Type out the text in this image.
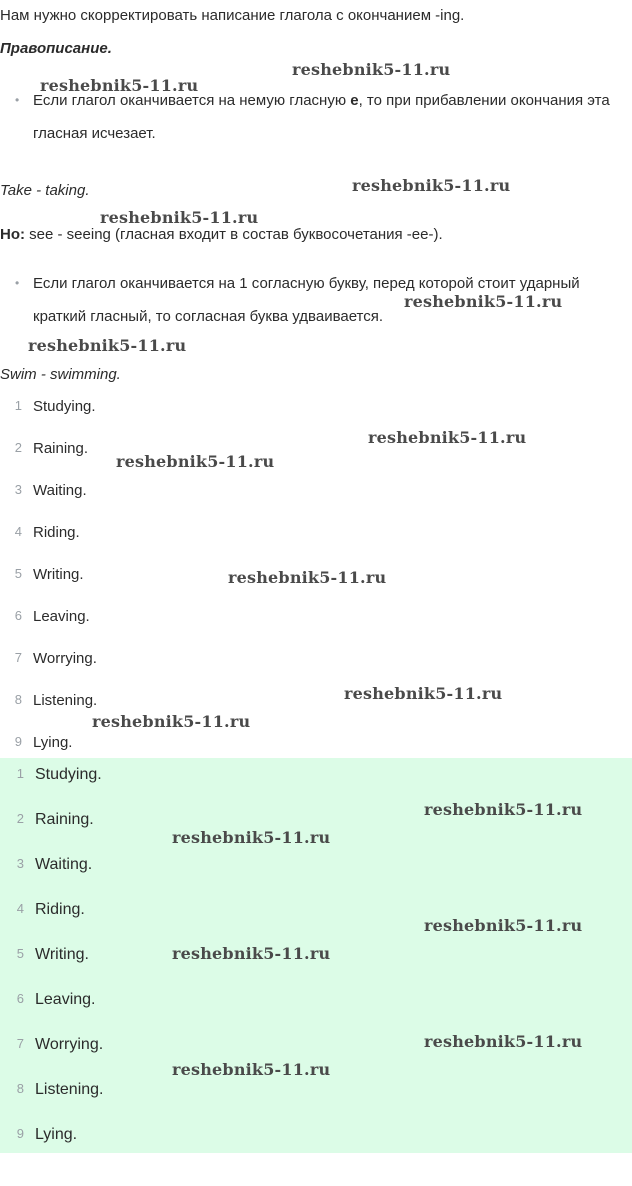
Нам нужно скорректировать написание глагола с окончанием -ing.
Правописание.
• Если глагол оканчивается на немую гласную е, то при прибавлении окончания эта гласная исчезает.
Take - taking.
Но: see - seeing (гласная входит в состав буквосочетания -ee-).
• Если глагол оканчивается на 1 согласную букву, перед которой стоит ударный краткий гласный, то согласная буква удваивается.
Swim - swimming.
1 Studying.
2 Raining.
3 Waiting.
4 Riding.
5 Writing.
6 Leaving.
7 Worrying.
8 Listening.
9 Lying.
1 Studying.
2 Raining.
3 Waiting.
4 Riding.
5 Writing.
6 Leaving.
7 Worrying.
8 Listening.
9 Lying.
reshebnik5-11.ru
reshebnik5-11.ru
reshebnik5-11.ru
reshebnik5-11.ru
reshebnik5-11.ru
reshebnik5-11.ru
reshebnik5-11.ru
reshebnik5-11.ru
reshebnik5-11.ru
reshebnik5-11.ru
reshebnik5-11.ru
reshebnik5-11.ru
reshebnik5-11.ru
reshebnik5-11.ru
reshebnik5-11.ru
reshebnik5-11.ru
reshebnik5-11.ru
